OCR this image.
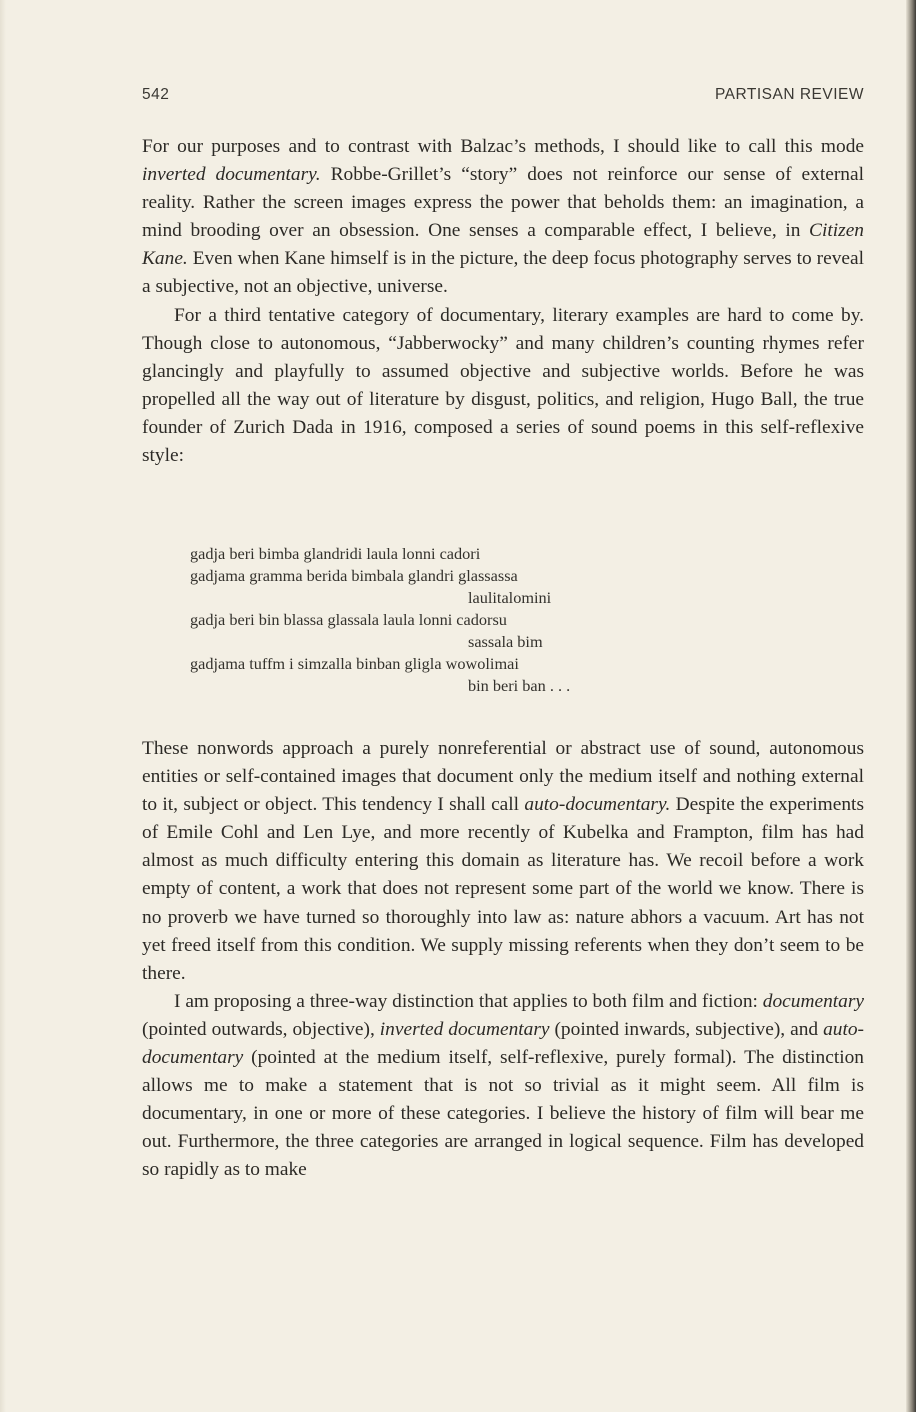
542	PARTISAN REVIEW

For our purposes and to contrast with Balzac’s methods, I should like to call this mode inverted documentary. Robbe-Grillet’s “story” does not reinforce our sense of external reality. Rather the screen images express the power that beholds them: an imagination, a mind brooding over an obsession. One senses a comparable effect, I believe, in Citizen Kane. Even when Kane himself is in the picture, the deep focus photography serves to reveal a subjective, not an objective, universe.

For a third tentative category of documentary, literary examples are hard to come by. Though close to autonomous, “Jabberwocky” and many children’s counting rhymes refer glancingly and playfully to assumed objective and subjective worlds. Before he was propelled all the way out of literature by disgust, politics, and religion, Hugo Ball, the true founder of Zurich Dada in 1916, composed a series of sound poems in this self-reflexive style:

gadja beri bimba glandridi laula lonni cadori
gadjama gramma berida bimbala glandri glassassa
laulitalomini
gadja beri bin blassa glassala laula lonni cadorsu
sassala bim
gadjama tuffm i simzalla binban gligla wowolimai
bin beri ban . . .

These nonwords approach a purely nonreferential or abstract use of sound, autonomous entities or self-contained images that document only the medium itself and nothing external to it, subject or object. This tendency I shall call auto-documentary. Despite the experiments of Emile Cohl and Len Lye, and more recently of Kubelka and Frampton, film has had almost as much difficulty entering this domain as literature has. We recoil before a work empty of content, a work that does not represent some part of the world we know. There is no proverb we have turned so thoroughly into law as: nature abhors a vacuum. Art has not yet freed itself from this condition. We supply missing referents when they don’t seem to be there.

I am proposing a three-way distinction that applies to both film and fiction: documentary (pointed outwards, objective), inverted documentary (pointed inwards, subjective), and auto-documentary (pointed at the medium itself, self-reflexive, purely formal). The distinction allows me to make a statement that is not so trivial as it might seem. All film is documentary, in one or more of these categories. I believe the history of film will bear me out. Furthermore, the three categories are arranged in logical sequence. Film has developed so rapidly as to make
